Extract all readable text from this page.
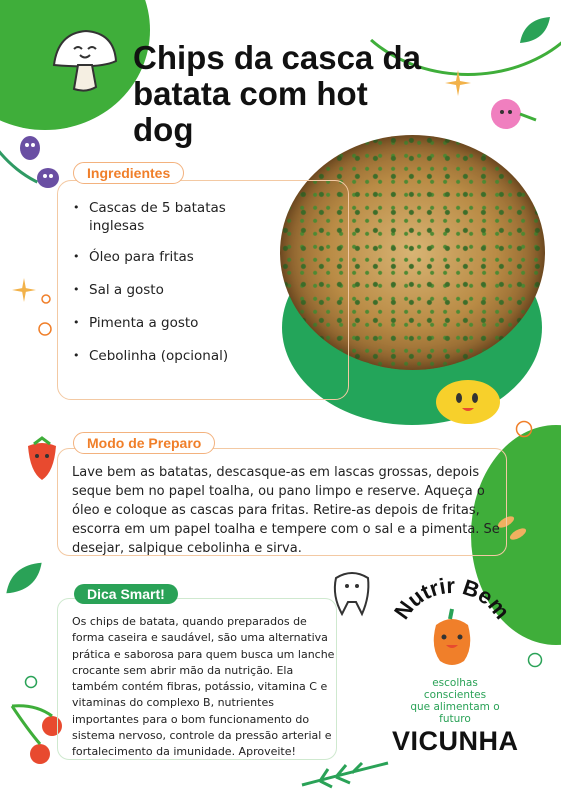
Chips da casca da batata com hot dog
Ingredientes
• Cascas de 5 batatas inglesas
• Óleo para fritas
• Sal a gosto
• Pimenta a gosto
• Cebolinha (opcional)
Modo de Preparo
Lave bem as batatas, descasque-as em lascas grossas, depois seque bem no papel toalha, ou pano limpo e reserve. Aqueça o óleo e coloque as cascas para fritas. Retire-as depois de fritas, escorra em um papel toalha e tempere com o sal e a pimenta. Se desejar, salpique cebolinha e sirva.
Dica Smart!
Os chips de batata, quando preparados de forma caseira e saudável, são uma alternativa prática e saborosa para quem busca um lanche crocante sem abrir mão da nutrição. Ela também contém fibras, potássio, vitamina C e vitaminas do complexo B, nutrientes importantes para o bom funcionamento do sistema nervoso, controle da pressão arterial e fortalecimento da imunidade. Aproveite!
Nutrir Bem
escolhas conscientes
que alimentam o futuro
VICUNHA
